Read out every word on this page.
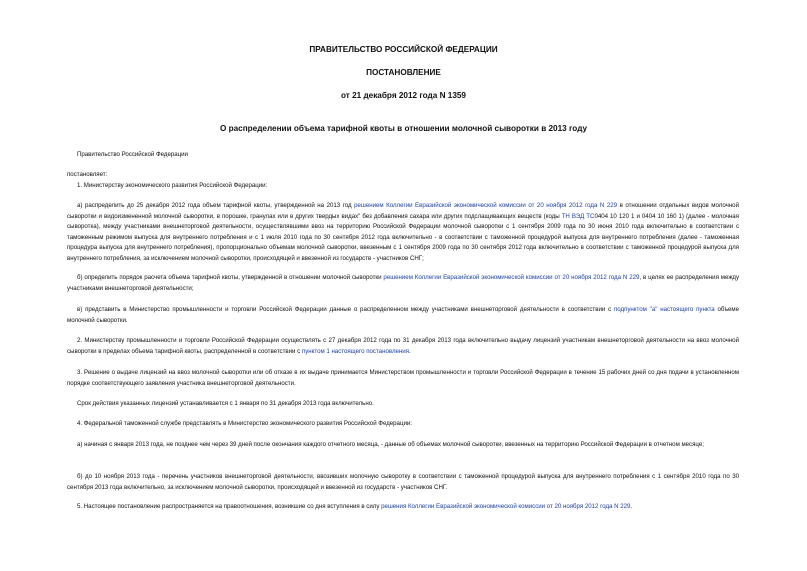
ПРАВИТЕЛЬСТВО РОССИЙСКОЙ ФЕДЕРАЦИИ
ПОСТАНОВЛЕНИЕ
от 21 декабря 2012 года N 1359
О распределении объема тарифной квоты в отношении молочной сыворотки в 2013 году
Правительство Российской Федерации
постановляет:
1. Министерству экономического развития Российской Федерации:
а) распределить до 25 декабря 2012 года объем тарифной квоты, утвержденной на 2013 год решением Коллегии Евразийской экономической комиссии от 20 ноября 2012 года N 229 в отношении отдельных видов молочной сыворотки и видоизмененной молочной сыворотки, в порошке, гранулах или в других твердых видах" без добавления сахара или других подслащивающих веществ (коды ТН ВЭД ТС0404 10 120 1 и 0404 10 160 1) (далее - молочная сыворотка), между участниками внешнеторговой деятельности, осуществлявшими ввоз на территорию Российской Федерации молочной сыворотки с 1 сентября 2009 года по 30 июня 2010 года включительно в соответствии с таможенным режимом выпуска для внутреннего потребления и с 1 июля 2010 года по 30 сентября 2012 года включительно - в соответствии с таможенной процедурой выпуска для внутреннего потребления (далее - таможенная процедура выпуска для внутреннего потребления), пропорционально объемам молочной сыворотки, ввезенным с 1 сентября 2009 года по 30 сентября 2012 года включительно в соответствии с таможенной процедурой выпуска для внутреннего потребления, за исключением молочной сыворотки, происходящей и ввезенной из государств - участников СНГ;
б) определить порядок расчета объема тарифной квоты, утвержденной в отношении молочной сыворотки решением Коллегии Евразийской экономической комиссии от 20 ноября 2012 года N 229, в целях ее распределения между участниками внешнеторговой деятельности;
в) представить в Министерство промышленности и торговли Российской Федерации данные о распределенном между участниками внешнеторговой деятельности в соответствии с подпунктом "а" настоящего пункта объеме молочной сыворотки.
2. Министерству промышленности и торговли Российской Федерации осуществлять с 27 декабря 2012 года по 31 декабря 2013 года включительно выдачу лицензий участникам внешнеторговой деятельности на ввоз молочной сыворотки в пределах объема тарифной квоты, распределенной в соответствии с пунктом 1 настоящего постановления.
3. Решение о выдаче лицензий на ввоз молочной сыворотки или об отказе в их выдаче принимается Министерством промышленности и торговли Российской Федерации в течение 15 рабочих дней со дня подачи в установленном порядке соответствующего заявления участника внешнеторговой деятельности.
Срок действия указанных лицензий устанавливается с 1 января по 31 декабря 2013 года включительно.
4. Федеральной таможенной службе представлять в Министерство экономического развития Российской Федерации:
а) начиная с января 2013 года, не позднее чем через 39 дней после окончания каждого отчетного месяца, - данные об объемах молочной сыворотки, ввезенных на территорию Российской Федерации в отчетном месяце;
б) до 10 ноября 2013 года - перечень участников внешнеторговой деятельности, ввозивших молочную сыворотку в соответствии с таможенной процедурой выпуска для внутреннего потребления с 1 сентября 2010 года по 30 сентября 2013 года включительно, за исключением молочной сыворотки, происходящей и ввезенной из государств - участников СНГ.
5. Настоящее постановление распространяется на правоотношения, возникшие со дня вступления в силу решения Коллегии Евразийской экономической комиссии от 20 ноября 2012 года N 229.
